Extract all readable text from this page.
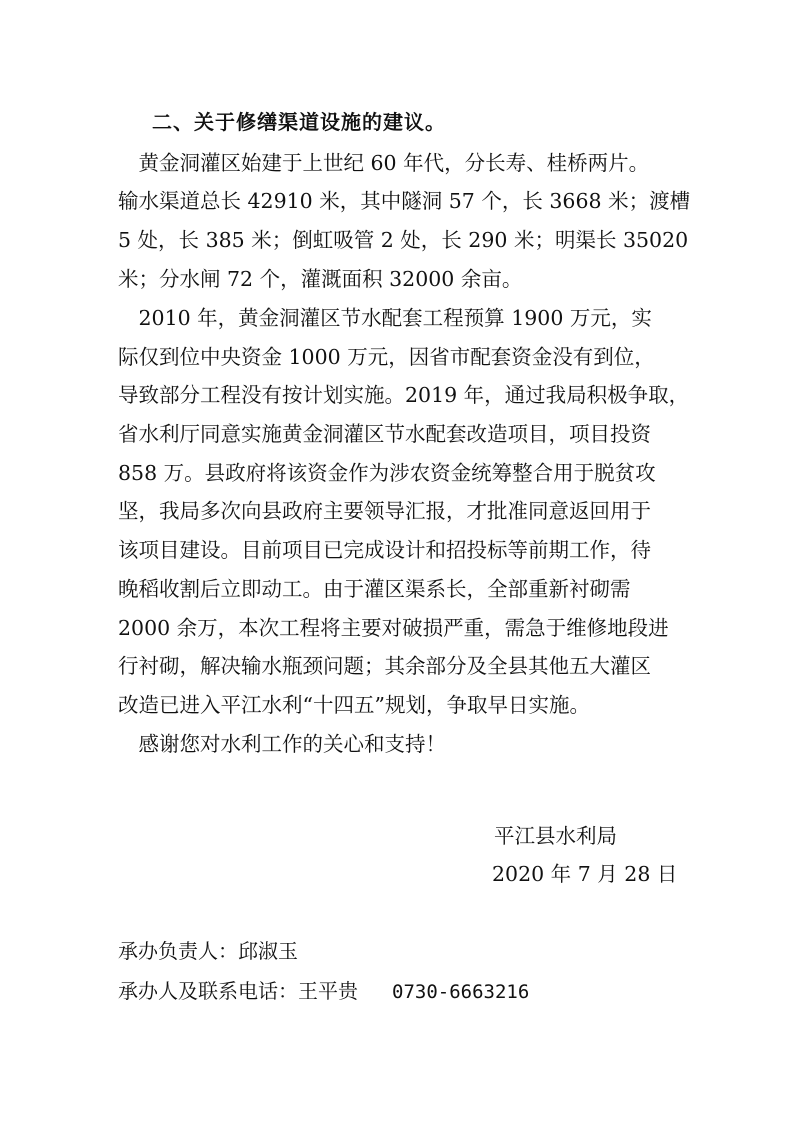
二、关于修缮渠道设施的建议。
　黄金洞灌区始建于上世纪 60 年代，分长寿、桂桥两片。
输水渠道总长 42910 米，其中隧洞 57 个，长 3668 米；渡槽
5 处，长 385 米；倒虹吸管 2 处，长 290 米；明渠长 35020
米；分水闸 72 个，灌溉面积 32000 余亩。
　2010 年，黄金洞灌区节水配套工程预算 1900 万元，实
际仅到位中央资金 1000 万元，因省市配套资金没有到位，
导致部分工程没有按计划实施。2019 年，通过我局积极争取，
省水利厅同意实施黄金洞灌区节水配套改造项目，项目投资
858 万。县政府将该资金作为涉农资金统筹整合用于脱贫攻
坚，我局多次向县政府主要领导汇报，才批准同意返回用于
该项目建设。目前项目已完成设计和招投标等前期工作，待
晚稻收割后立即动工。由于灌区渠系长，全部重新衬砌需
2000 余万，本次工程将主要对破损严重，需急于维修地段进
行衬砌，解决输水瓶颈问题；其余部分及全县其他五大灌区
改造已进入平江水利“十四五”规划，争取早日实施。
　感谢您对水利工作的关心和支持！
平江县水利局
2020 年 7 月 28 日
承办负责人：邱淑玉
承办人及联系电话：王平贵 0730-6663216
